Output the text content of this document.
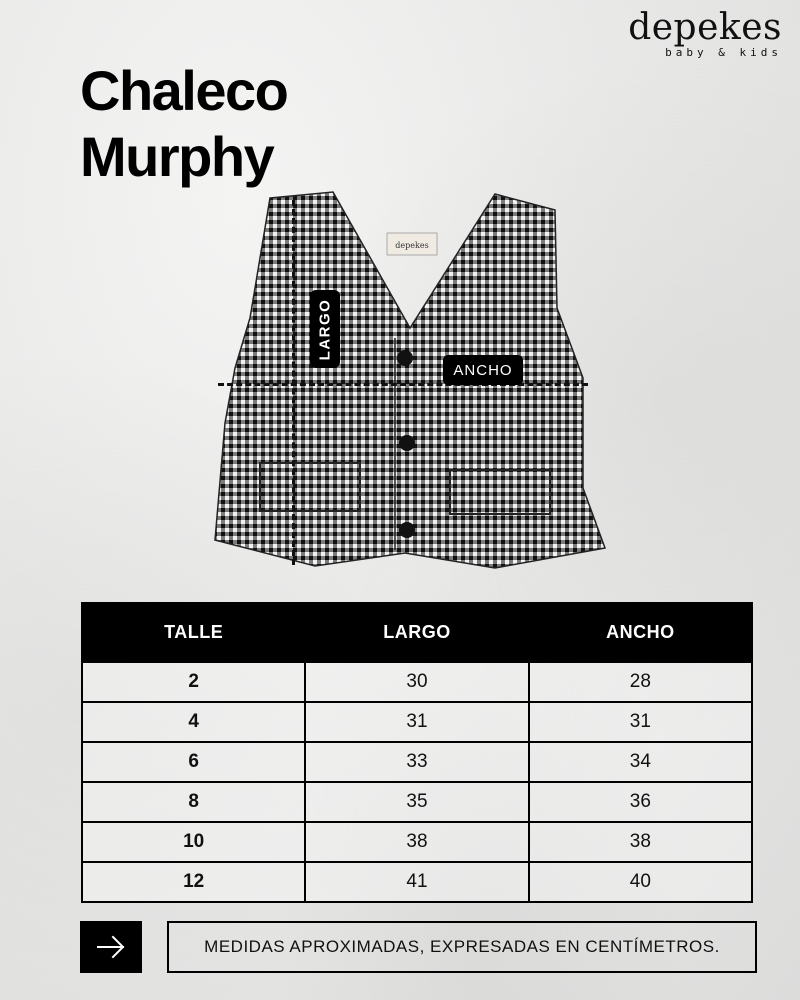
depekes
baby & kids
Chaleco
Murphy
depekes
LARGO
ANCHO
TALLE	LARGO	ANCHO
2	30	28
4	31	31
6	33	34
8	35	36
10	38	38
12	41	40
MEDIDAS APROXIMADAS, EXPRESADAS EN CENTÍMETROS.
